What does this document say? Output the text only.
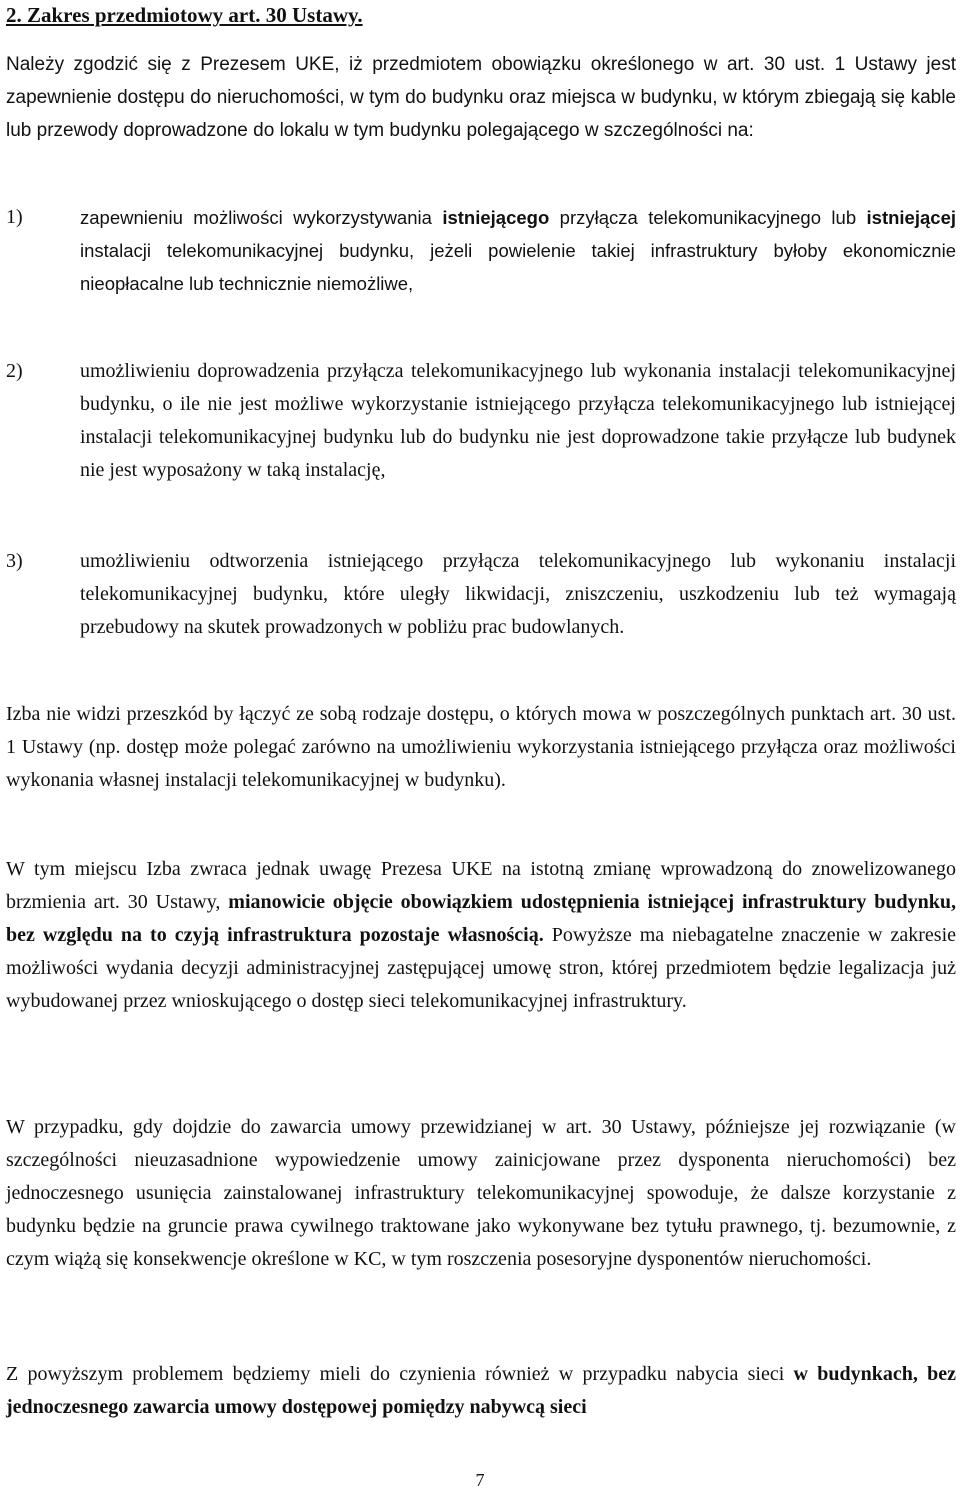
2. Zakres przedmiotowy art. 30 Ustawy.

Należy zgodzić się z Prezesem UKE, iż przedmiotem obowiązku określonego w art. 30 ust. 1 Ustawy jest zapewnienie dostępu do nieruchomości, w tym do budynku oraz miejsca w budynku, w którym zbiegają się kable lub przewody doprowadzone do lokalu w tym budynku polegającego w szczególności na:

1)	zapewnieniu możliwości wykorzystywania istniejącego przyłącza telekomunikacyjnego lub istniejącej instalacji telekomunikacyjnej budynku, jeżeli powielenie takiej infrastruktury byłoby ekonomicznie nieopłacalne lub technicznie niemożliwe,
2)	umożliwieniu doprowadzenia przyłącza telekomunikacyjnego lub wykonania instalacji telekomunikacyjnej budynku, o ile nie jest możliwe wykorzystanie istniejącego przyłącza telekomunikacyjnego lub istniejącej instalacji telekomunikacyjnej budynku lub do budynku nie jest doprowadzone takie przyłącze lub budynek nie jest wyposażony w taką instalację,
3)	umożliwieniu odtworzenia istniejącego przyłącza telekomunikacyjnego lub wykonaniu instalacji telekomunikacyjnej budynku, które uległy likwidacji, zniszczeniu, uszkodzeniu lub też wymagają przebudowy na skutek prowadzonych w pobliżu prac budowlanych.

Izba nie widzi przeszkód by łączyć ze sobą rodzaje dostępu, o których mowa w poszczególnych punktach art. 30 ust. 1 Ustawy (np. dostęp może polegać zarówno na umożliwieniu wykorzystania istniejącego przyłącza oraz możliwości wykonania własnej instalacji telekomunikacyjnej w budynku).

W tym miejscu Izba zwraca jednak uwagę Prezesa UKE na istotną zmianę wprowadzoną do znowelizowanego brzmienia art. 30 Ustawy, mianowicie objęcie obowiązkiem udostępnienia istniejącej infrastruktury budynku, bez względu na to czyją infrastruktura pozostaje własnością. Powyższe ma niebagatelne znaczenie w zakresie możliwości wydania decyzji administracyjnej zastępującej umowę stron, której przedmiotem będzie legalizacja już wybudowanej przez wnioskującego o dostęp sieci telekomunikacyjnej infrastruktury.

W przypadku, gdy dojdzie do zawarcia umowy przewidzianej w art. 30 Ustawy, późniejsze jej rozwiązanie (w szczególności nieuzasadnione wypowiedzenie umowy zainicjowane przez dysponenta nieruchomości) bez jednoczesnego usunięcia zainstalowanej infrastruktury telekomunikacyjnej spowoduje, że dalsze korzystanie z budynku będzie na gruncie prawa cywilnego traktowane jako wykonywane bez tytułu prawnego, tj. bezumownie, z czym wiążą się konsekwencje określone w KC, w tym roszczenia posesoryjne dysponentów nieruchomości.

Z powyższym problemem będziemy mieli do czynienia również w przypadku nabycia sieci w budynkach, bez jednoczesnego zawarcia umowy dostępowej pomiędzy nabywcą sieci

7
